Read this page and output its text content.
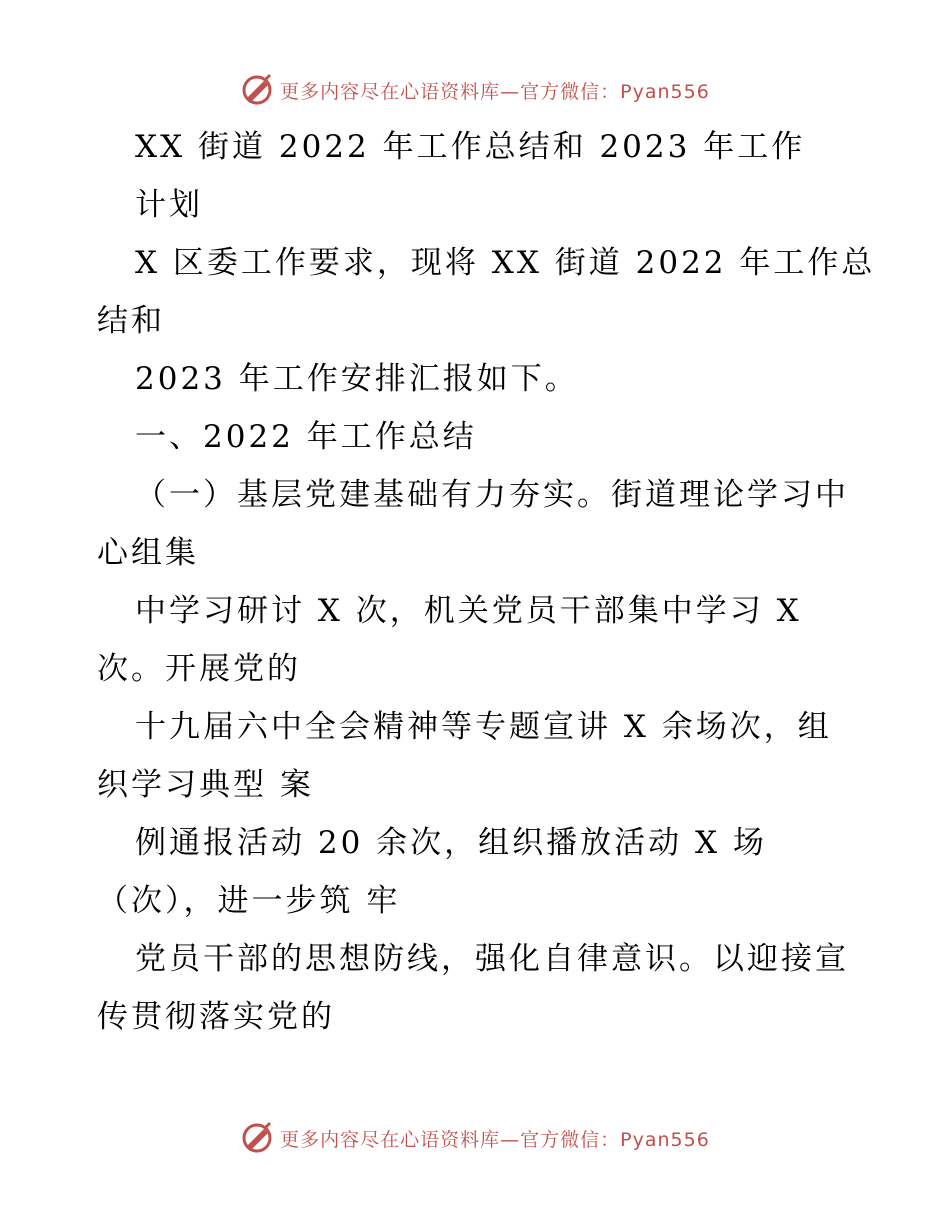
更多内容尽在心语资料库—官方微信：Pyan556
XX 街道 2022 年工作总结和 2023 年工作
计划
X 区委工作要求，现将 XX 街道 2022 年工作总
结和
2023 年工作安排汇报如下。
一、2022 年工作总结
（一）基层党建基础有力夯实。街道理论学习中
心组集
中学习研讨 X 次，机关党员干部集中学习 X
次。开展党的
十九届六中全会精神等专题宣讲 X 余场次，组
织学习典型 案
例通报活动 20 余次，组织播放活动 X 场
（次），进一步筑 牢
党员干部的思想防线，强化自律意识。以迎接宣
传贯彻落实党的
更多内容尽在心语资料库—官方微信：Pyan556
